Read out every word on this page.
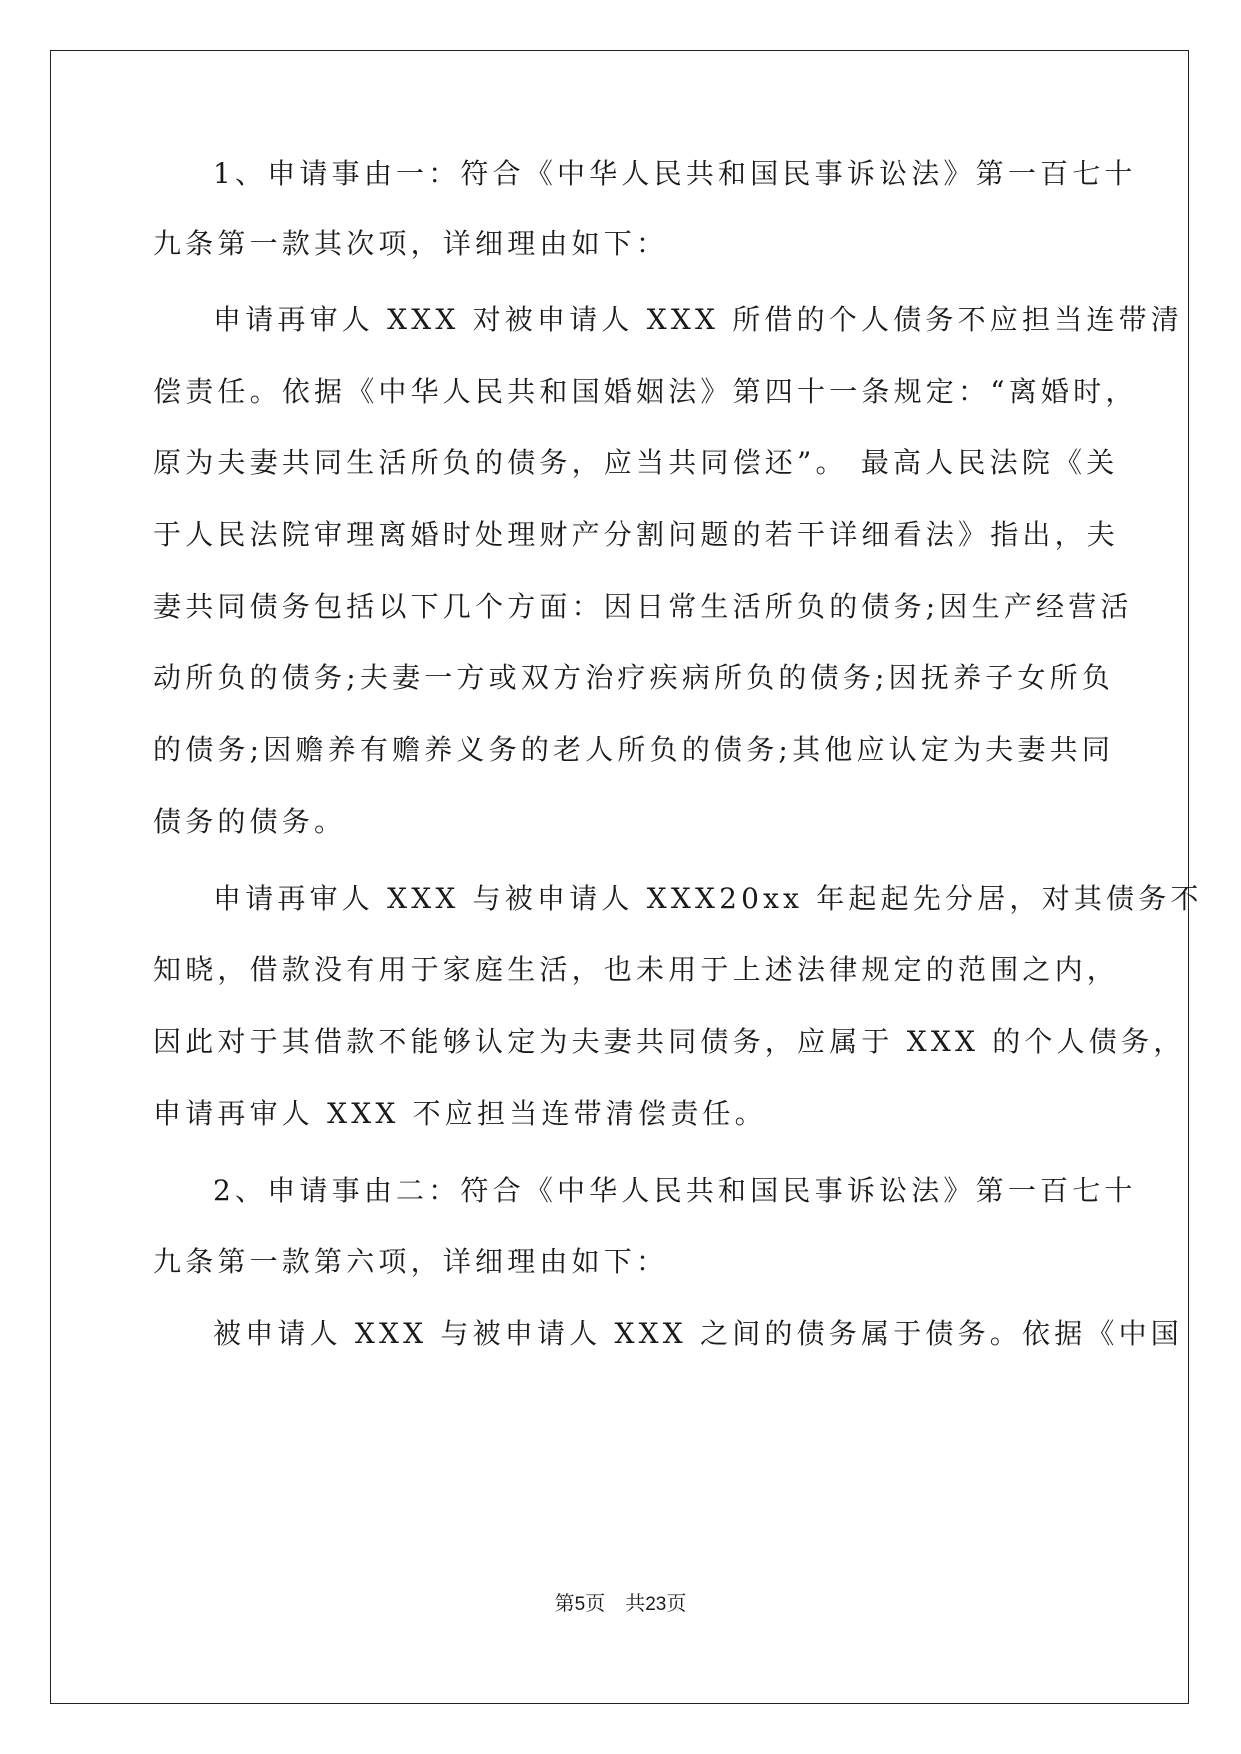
1、申请事由一：符合《中华人民共和国民事诉讼法》第一百七十
九条第一款其次项，详细理由如下：
申请再审人 XXX 对被申请人 XXX 所借的个人债务不应担当连带清
偿责任。依据《中华人民共和国婚姻法》第四十一条规定：“离婚时，
原为夫妻共同生活所负的债务，应当共同偿还”。 最高人民法院《关
于人民法院审理离婚时处理财产分割问题的若干详细看法》指出，夫
妻共同债务包括以下几个方面：因日常生活所负的债务;因生产经营活
动所负的债务;夫妻一方或双方治疗疾病所负的债务;因抚养子女所负
的债务;因赡养有赡养义务的老人所负的债务;其他应认定为夫妻共同
债务的债务。
申请再审人 XXX 与被申请人 XXX20xx 年起起先分居，对其债务不
知晓，借款没有用于家庭生活，也未用于上述法律规定的范围之内，
因此对于其借款不能够认定为夫妻共同债务，应属于 XXX 的个人债务，
申请再审人 XXX 不应担当连带清偿责任。
2、申请事由二：符合《中华人民共和国民事诉讼法》第一百七十
九条第一款第六项，详细理由如下：
被申请人 XXX 与被申请人 XXX 之间的债务属于债务。依据《中国
第5页 共23页
